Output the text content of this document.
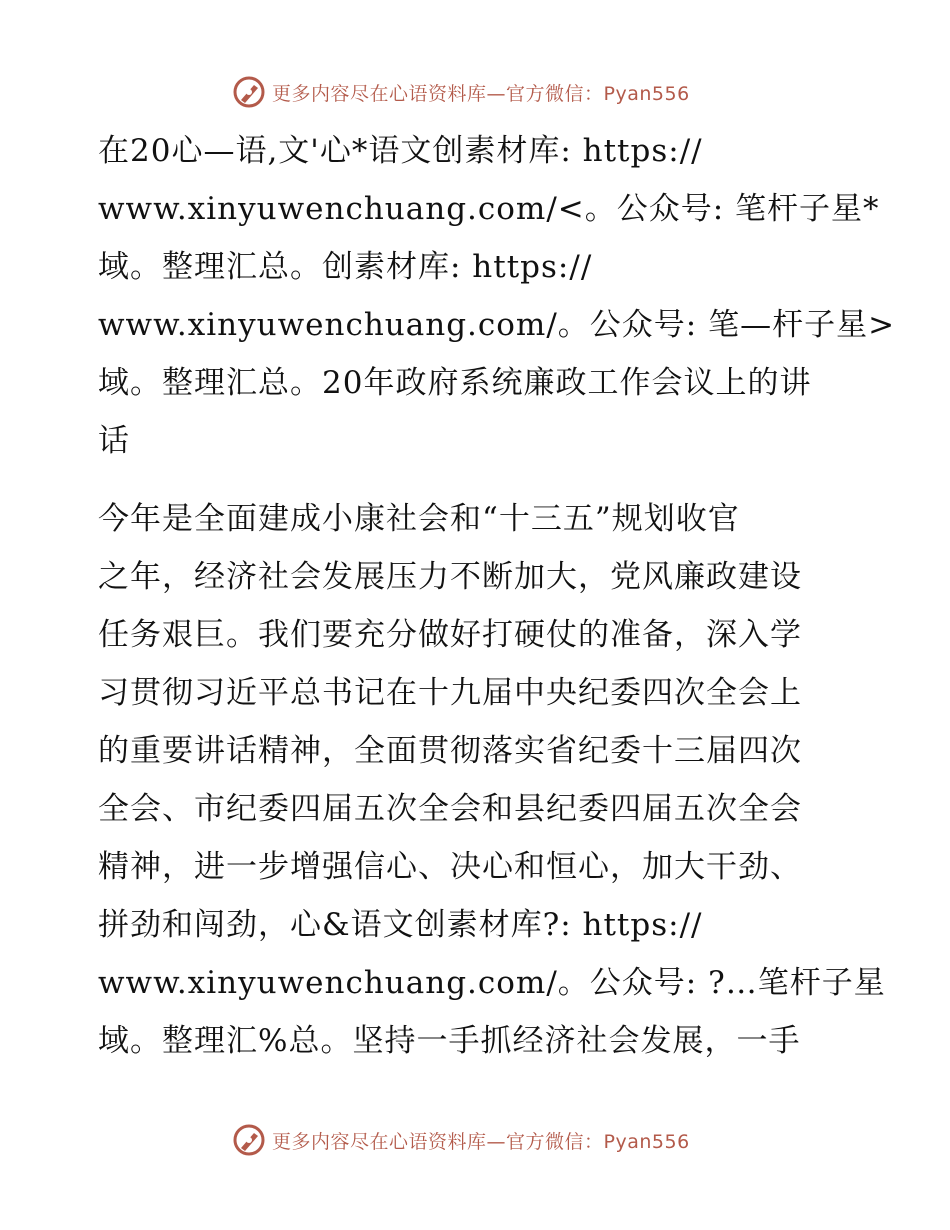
更多内容尽在心语资料库—官方微信：Pyan556

在20心—语,文'心*语文创素材库: https://
www.xinyuwenchuang.com/<。公众号: 笔杆子星*
域。整理汇总。创素材库: https://
www.xinyuwenchuang.com/。公众号: 笔—杆子星>
域。整理汇总。20年政府系统廉政工作会议上的讲
话

今年是全面建成小康社会和“十三五”规划收官
之年，经济社会发展压力不断加大，党风廉政建设
任务艰巨。我们要充分做好打硬仗的准备，深入学
习贯彻习近平总书记在十九届中央纪委四次全会上
的重要讲话精神，全面贯彻落实省纪委十三届四次
全会、市纪委四届五次全会和县纪委四届五次全会
精神，进一步增强信心、决心和恒心，加大干劲、
拼劲和闯劲，心&语文创素材库?: https://
www.xinyuwenchuang.com/。公众号: ?…笔杆子星
域。整理汇%总。坚持一手抓经济社会发展，一手

更多内容尽在心语资料库—官方微信：Pyan556
